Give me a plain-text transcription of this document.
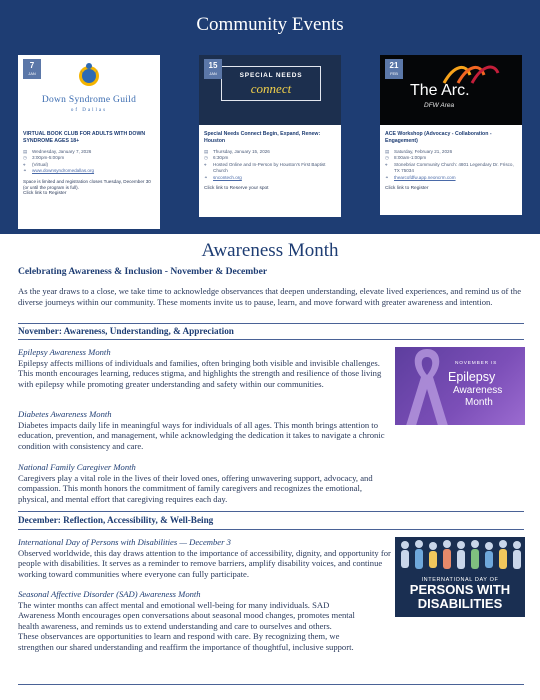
Community Events
Down Syndrome Guild
of Dallas
7
JAN
VIRTUAL BOOK CLUB FOR ADULTS WITH DOWN SYNDROME AGES 18+
▤	Wednesday, January 7, 2026
◷	3:00pm-5:00pm
⌖	(Virtual)
⚭	www.downsyndromedallas.org
Space is limited and registration closes Tuesday, December 30 (or until the program is full).
Click link to Register
SPECIAL NEEDS
connect
15
JAN
Special Needs Connect Begin, Expand, Renew: Houston
▤	Thursday, January 15, 2026
◷	6:30pm
⌖	Hosted Online and In-Person by Houston's First Baptist Church
⚭	sncontech.org
Click link to Reserve your spot
The Arc.
DFW Area
21
FEB
ACE Workshop (Advocacy - Collaboration - Engagement)
▤	Saturday, February 21, 2026
◷	8:00am-1:00pm
⌖	Stonebriar Community Church: 4801 Legendary Dr. Frisco, TX 75034
⚭	thearcofdfw.app.neoncrm.com
Click link to Register
Awareness Month
Celebrating Awareness & Inclusion - November & December
As the year draws to a close, we take time to acknowledge observances that deepen understanding, elevate lived experiences, and remind us of the diverse journeys within our community. These moments invite us to pause, learn, and move forward with greater awareness and intention.
November: Awareness, Understanding, & Appreciation
Epilepsy Awareness Month
Epilepsy affects millions of individuals and families, often bringing both visible and invisible challenges. This month encourages learning, reduces stigma, and highlights the strength and resilience of those living with epilepsy while promoting greater understanding and safety within our communities.
Diabetes Awareness Month
Diabetes impacts daily life in meaningful ways for individuals of all ages. This month brings attention to education, prevention, and management, while acknowledging the dedication it takes to navigate a chronic condition with consistency and care.
National Family Caregiver Month
Caregivers play a vital role in the lives of their loved ones, offering unwavering support, advocacy, and compassion. This month honors the commitment of family caregivers and recognizes the emotional, physical, and mental effort that caregiving requires each day.
NOVEMBER IS
Epilepsy
Awareness
Month
December: Reflection, Accessibility, & Well-Being
International Day of Persons with Disabilities — December 3
Observed worldwide, this day draws attention to the importance of accessibility, dignity, and opportunity for people with disabilities. It serves as a reminder to remove barriers, amplify disability voices, and continue working toward communities where everyone can fully participate.
Seasonal Affective Disorder (SAD) Awareness Month
The winter months can affect mental and emotional well-being for many individuals. SAD Awareness Month encourages open conversations about seasonal mood changes, promotes mental health awareness, and reminds us to extend understanding and care to ourselves and others.
These observances are opportunities to learn and respond with care. By recognizing them, we strengthen our shared understanding and reaffirm the importance of thoughtful, inclusive support.
INTERNATIONAL DAY OF
PERSONS WITH
DISABILITIES
